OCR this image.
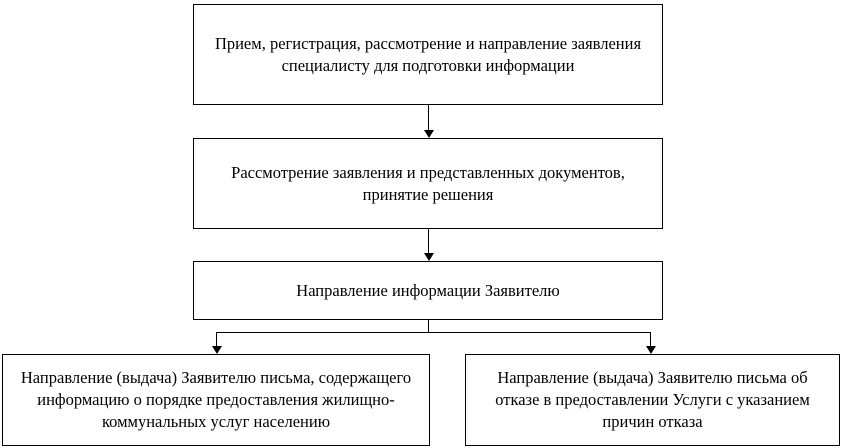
Прием, регистрация, рассмотрение и направление заявления специалисту для подготовки информации
Рассмотрение заявления и представленных документов, принятие решения
Направление информации Заявителю
Направление (выдача) Заявителю письма, содержащего информацию о порядке предоставления жилищно-коммунальных услуг населению
Направление (выдача) Заявителю письма об отказе в предоставлении Услуги с указанием причин отказа
